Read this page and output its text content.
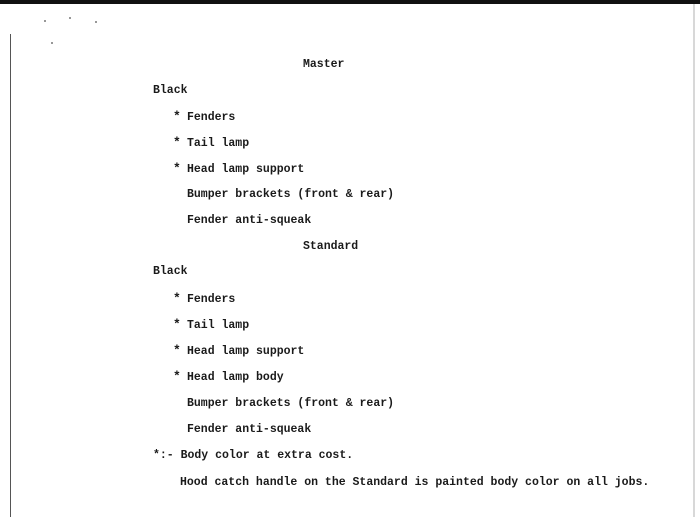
Master
Black
* Fenders
* Tail lamp
* Head lamp support
Bumper brackets (front & rear)
Fender anti-squeak
Standard
Black
* Fenders
* Tail lamp
* Head lamp support
* Head lamp body
Bumper brackets (front & rear)
Fender anti-squeak
*:- Body color at extra cost.
Hood catch handle on the Standard is painted body color on all jobs.
